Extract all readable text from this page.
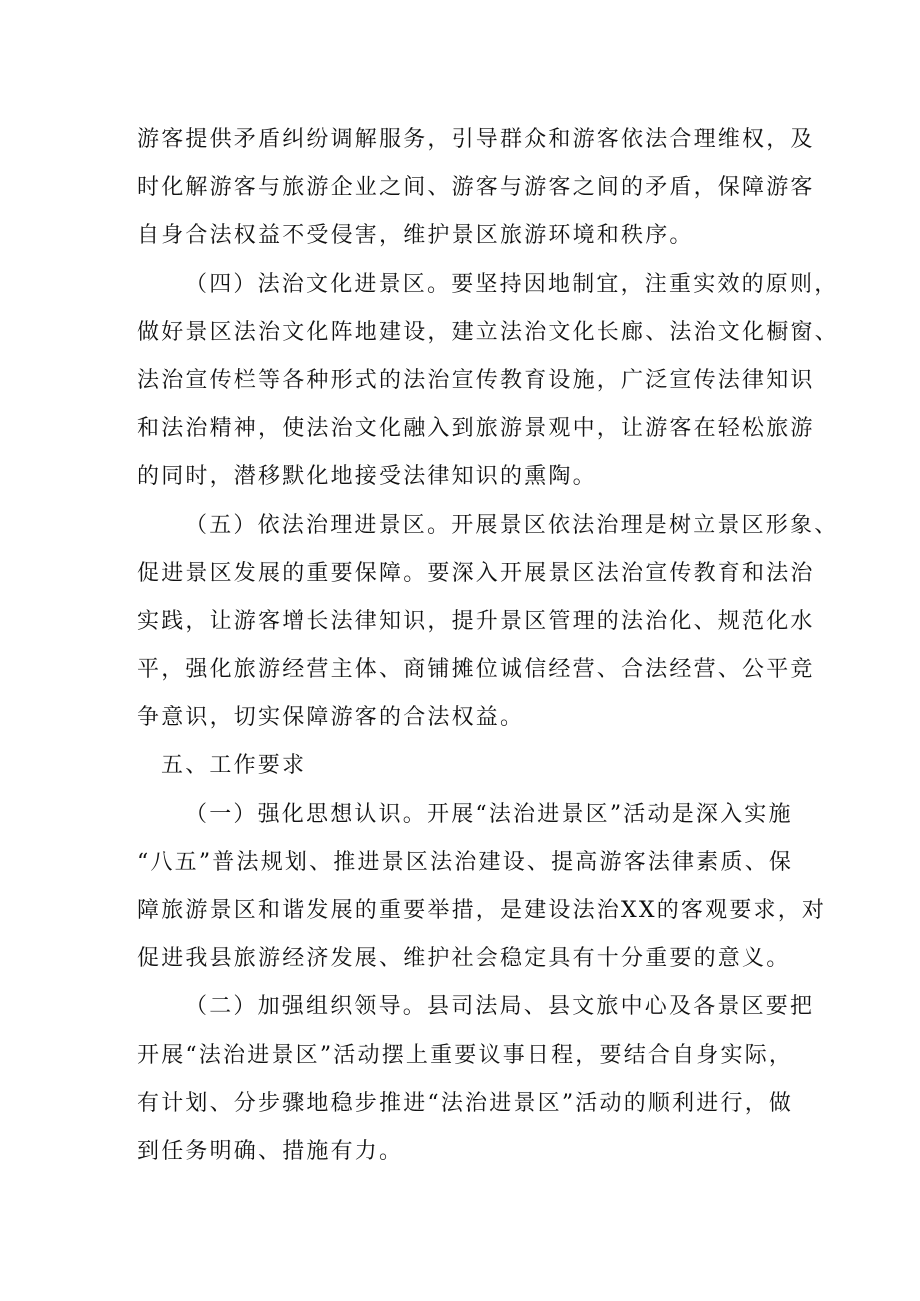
游客提供矛盾纠纷调解服务，引导群众和游客依法合理维权，及
时化解游客与旅游企业之间、游客与游客之间的矛盾，保障游客
自身合法权益不受侵害，维护景区旅游环境和秩序。
（四）法治文化进景区。要坚持因地制宜，注重实效的原则，
做好景区法治文化阵地建设，建立法治文化长廊、法治文化橱窗、
法治宣传栏等各种形式的法治宣传教育设施，广泛宣传法律知识
和法治精神，使法治文化融入到旅游景观中，让游客在轻松旅游
的同时，潜移默化地接受法律知识的熏陶。
（五）依法治理进景区。开展景区依法治理是树立景区形象、
促进景区发展的重要保障。要深入开展景区法治宣传教育和法治
实践，让游客增长法律知识，提升景区管理的法治化、规范化水
平，强化旅游经营主体、商铺摊位诚信经营、合法经营、公平竞
争意识，切实保障游客的合法权益。
五、工作要求
（一）强化思想认识。开展“法治进景区”活动是深入实施
“八五”普法规划、推进景区法治建设、提高游客法律素质、保
障旅游景区和谐发展的重要举措，是建设法治XX的客观要求，对
促进我县旅游经济发展、维护社会稳定具有十分重要的意义。
（二）加强组织领导。县司法局、县文旅中心及各景区要把
开展“法治进景区”活动摆上重要议事日程，要结合自身实际，
有计划、分步骤地稳步推进“法治进景区”活动的顺利进行，做
到任务明确、措施有力。
